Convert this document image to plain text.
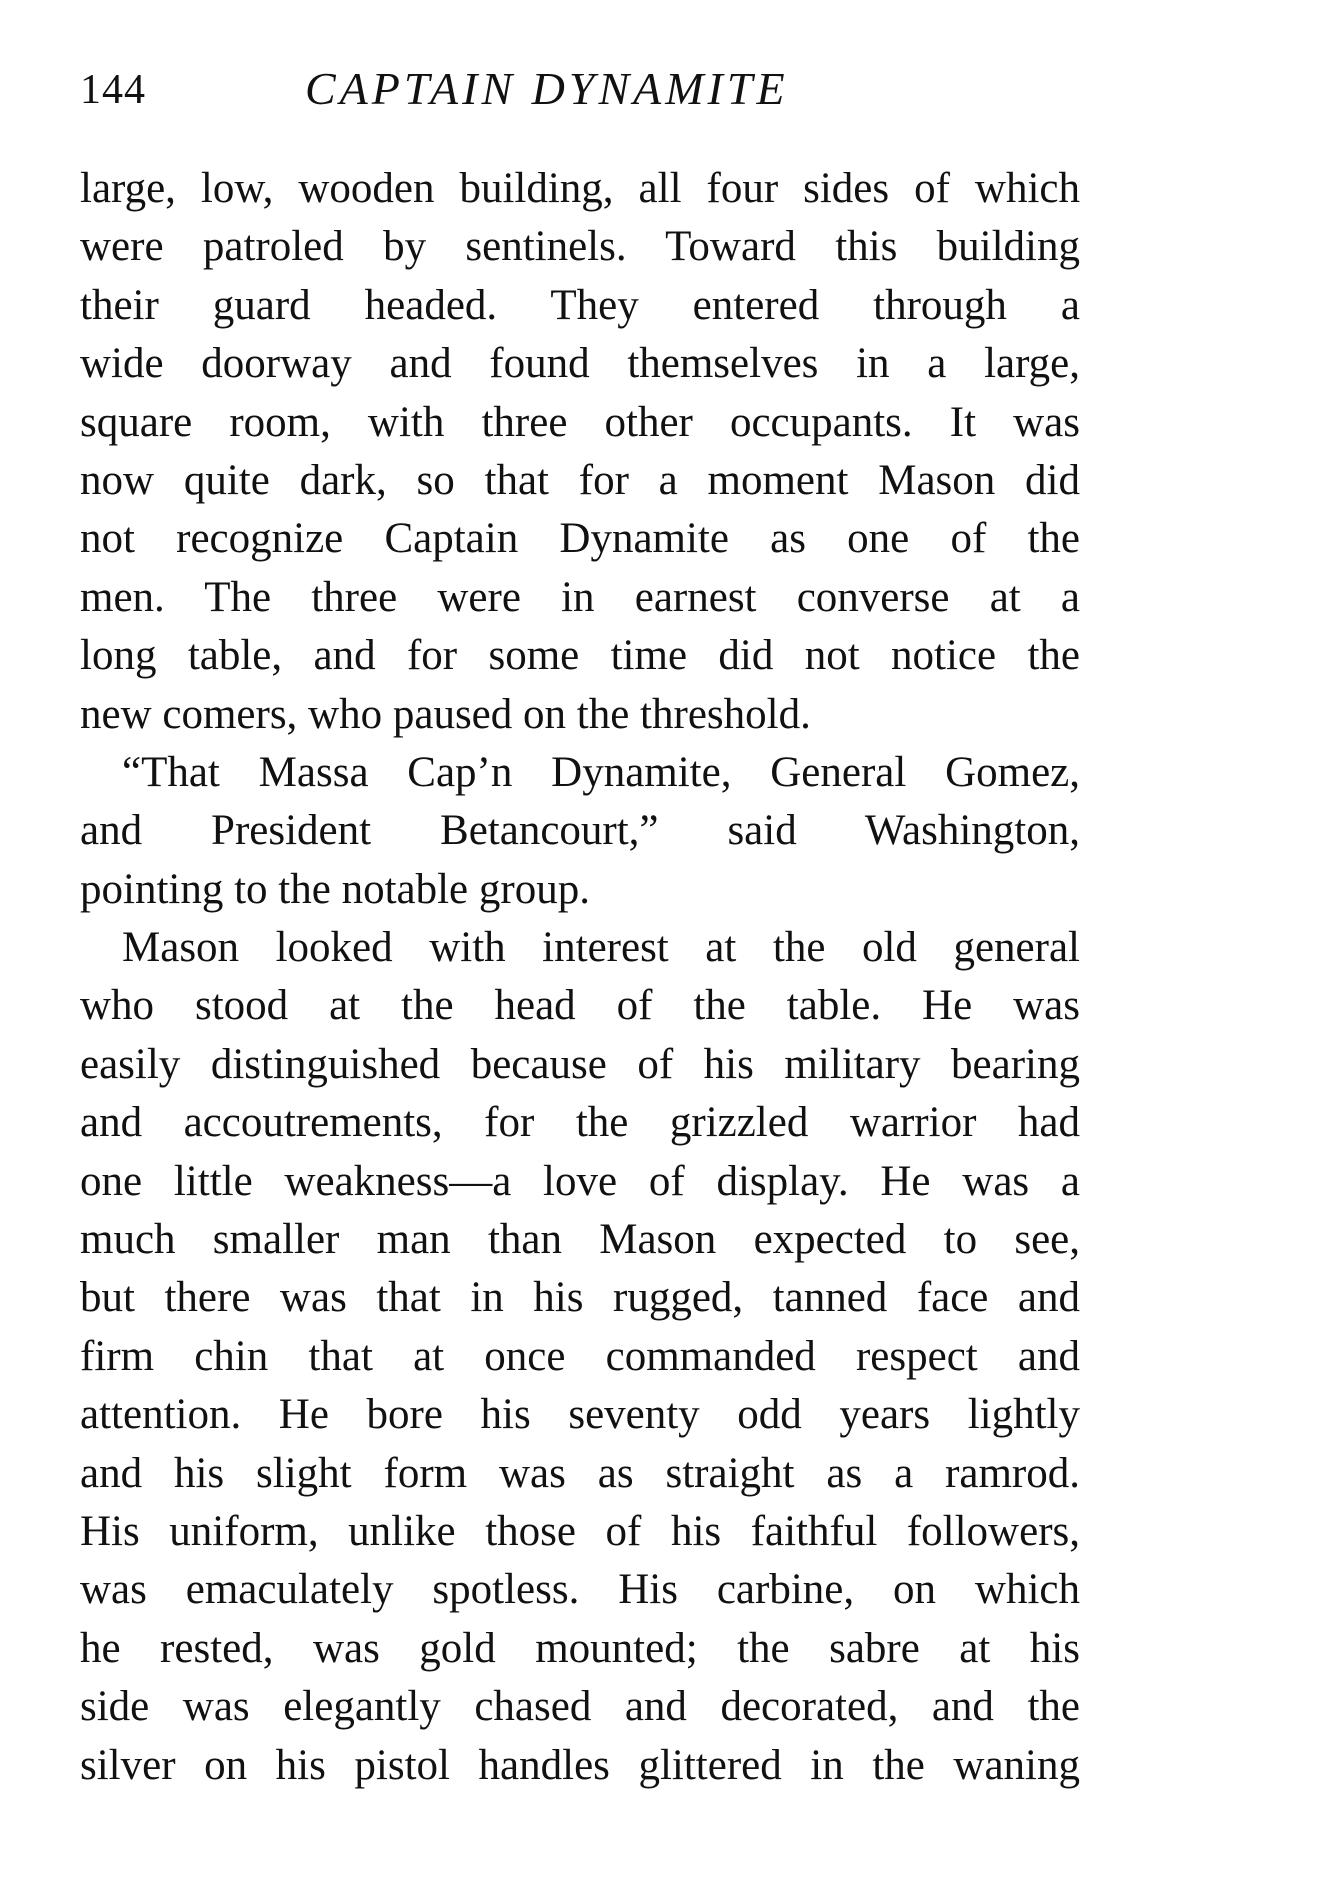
144	CAPTAIN DYNAMITE
large, low, wooden building, all four sides of which
were patroled by sentinels. Toward this building
their guard headed. They entered through a
wide doorway and found themselves in a large,
square room, with three other occupants. It was
now quite dark, so that for a moment Mason did
not recognize Captain Dynamite as one of the
men. The three were in earnest converse at a
long table, and for some time did not notice the
new comers, who paused on the threshold.
“That Massa Cap’n Dynamite, General Gomez,
and President Betancourt,” said Washington,
pointing to the notable group.
Mason looked with interest at the old general
who stood at the head of the table. He was
easily distinguished because of his military bearing
and accoutrements, for the grizzled warrior had
one little weakness—a love of display. He was a
much smaller man than Mason expected to see,
but there was that in his rugged, tanned face and
firm chin that at once commanded respect and
attention. He bore his seventy odd years lightly
and his slight form was as straight as a ramrod.
His uniform, unlike those of his faithful followers,
was emaculately spotless. His carbine, on which
he rested, was gold mounted; the sabre at his
side was elegantly chased and decorated, and the
silver on his pistol handles glittered in the waning
